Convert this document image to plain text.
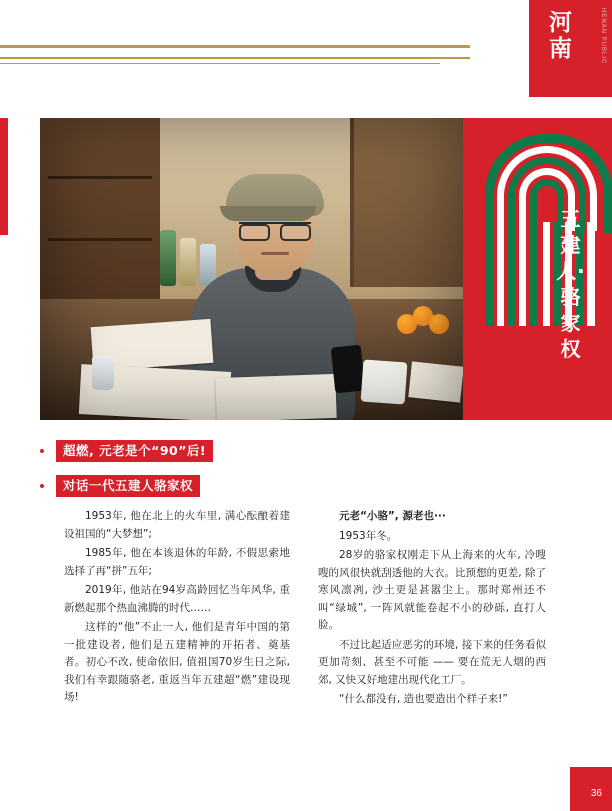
河南	HENAN PUBLIC
五建人·骆家权
超燃, 元老是个“90”后!
对话一代五建人骆家权

1953年, 他在北上的火车里, 满心酝酿着建设祖国的“大梦想”;

1985年, 他在本该退休的年龄, 不假思索地选择了再“拼”五年;

2019年, 他站在94岁高龄回忆当年风华, 重新燃起那个热血沸腾的时代……

这样的“他”不止一人, 他们是青年中国的第一批建设者, 他们是五建精神的开拓者、奠基者。初心不改, 使命依旧, 值祖国70岁生日之际, 我们有幸跟随骆老, 重返当年五建超“燃”建设现场!

元老“小骆”, 源老也···

1953年冬。

28岁的骆家权刚走下从上海来的火车, 冷嗖嗖的风很快就刮透他的大衣。比预想的更差, 除了寒风凛冽, 沙土更是甚嚣尘上。那时郑州还不叫“绿城”, 一阵风就能卷起不小的砂砾, 直打人脸。

不过比起适应恶劣的环境, 接下来的任务看似更加苛刻、甚至不可能 —— 要在荒无人烟的西郊, 又快又好地建出现代化工厂。

“什么都没有, 造也要造出个样子来!”

36
